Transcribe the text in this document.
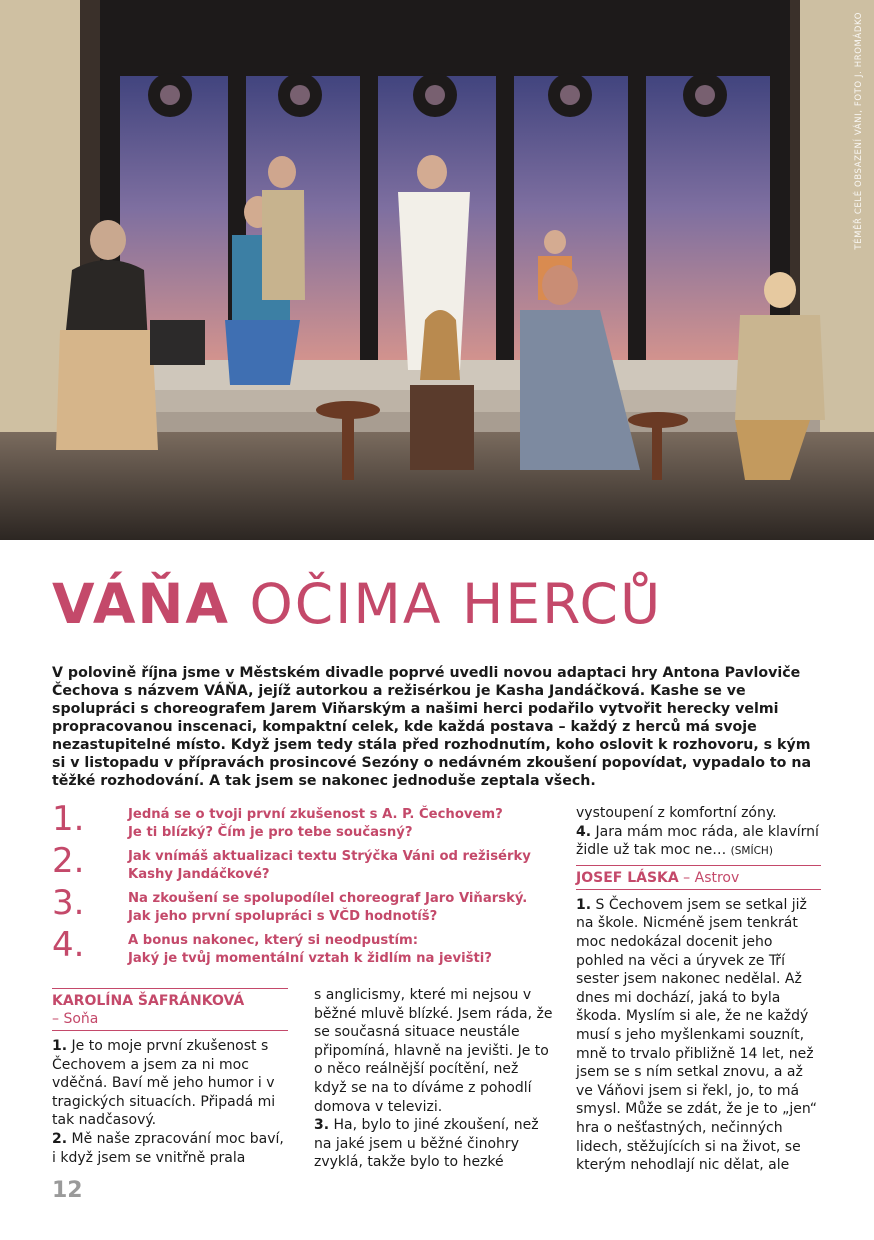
TÉMĚŘ CELÉ OBSAZENÍ VÁNI, FOTO J. HROMÁDKO
VÁŇA OČIMA HERCŮ

V polovině října jsme v Městském divadle poprvé uvedli novou adaptaci hry Antona Pavloviče Čechova s názvem VÁŇA, jejíž autorkou a režisérkou je Kasha Jandáčková. Kashe se ve spolupráci s choreografem Jarem Viňarským a našimi herci podařilo vytvořit herecky velmi propracovanou inscenaci, kompaktní celek, kde každá postava – každý z herců má svoje nezastupitelné místo. Když jsem tedy stála před rozhodnutím, koho oslovit k rozhovoru, s kým si v listopadu v přípravách prosincové Sezóny o nedávném zkoušení popovídat, vypadalo to na těžké rozhodování. A tak jsem se nakonec jednoduše zeptala všech.

1.	Jedná se o tvoji první zkušenost s A. P. Čechovem?
Je ti blízký? Čím je pro tebe současný?
2.	Jak vnímáš aktualizaci textu Strýčka Váni od režisérky
Kashy Jandáčkové?
3.	Na zkoušení se spolupodílel choreograf Jaro Viňarský.
Jak jeho první spolupráci s VČD hodnotíš?
4.	A bonus nakonec, který si neodpustím:
Jaký je tvůj momentální vztah k židlím na jevišti?
KAROLÍNA ŠAFRÁNKOVÁ
– Soňa

1. Je to moje první zkušenost s Čechovem a jsem za ni moc vděčná. Baví mě jeho humor i v tragických situacích. Připadá mi tak nadčasový.

2. Mě naše zpracování moc baví, i když jsem se vnitřně prala

s anglicismy, které mi nejsou v běžné mluvě blízké. Jsem ráda, že se současná situace neustále připomíná, hlavně na jevišti. Je to o něco reálnější pocítění, než když se na to díváme z pohodlí domova v televizi.

3. Ha, bylo to jiné zkoušení, než na jaké jsem u běžné činohry zvyklá, takže bylo to hezké

vystoupení z komfortní zóny.

4. Jara mám moc ráda, ale klavírní židle už tak moc ne… (SMÍCH)

JOSEF LÁSKA – Astrov

1. S Čechovem jsem se setkal již na škole. Nicméně jsem tenkrát moc nedokázal docenit jeho pohled na věci a úryvek ze Tří sester jsem nakonec nedělal. Až dnes mi dochází, jaká to byla škoda. Myslím si ale, že ne každý musí s jeho myšlenkami souznít, mně to trvalo přibližně 14 let, než jsem se s ním setkal znovu, a až ve Váňovi jsem si řekl, jo, to má smysl. Může se zdát, že je to „jen“ hra o nešťastných, nečinných lidech, stěžujících si na život, se kterým nehodlají nic dělat, ale

12
